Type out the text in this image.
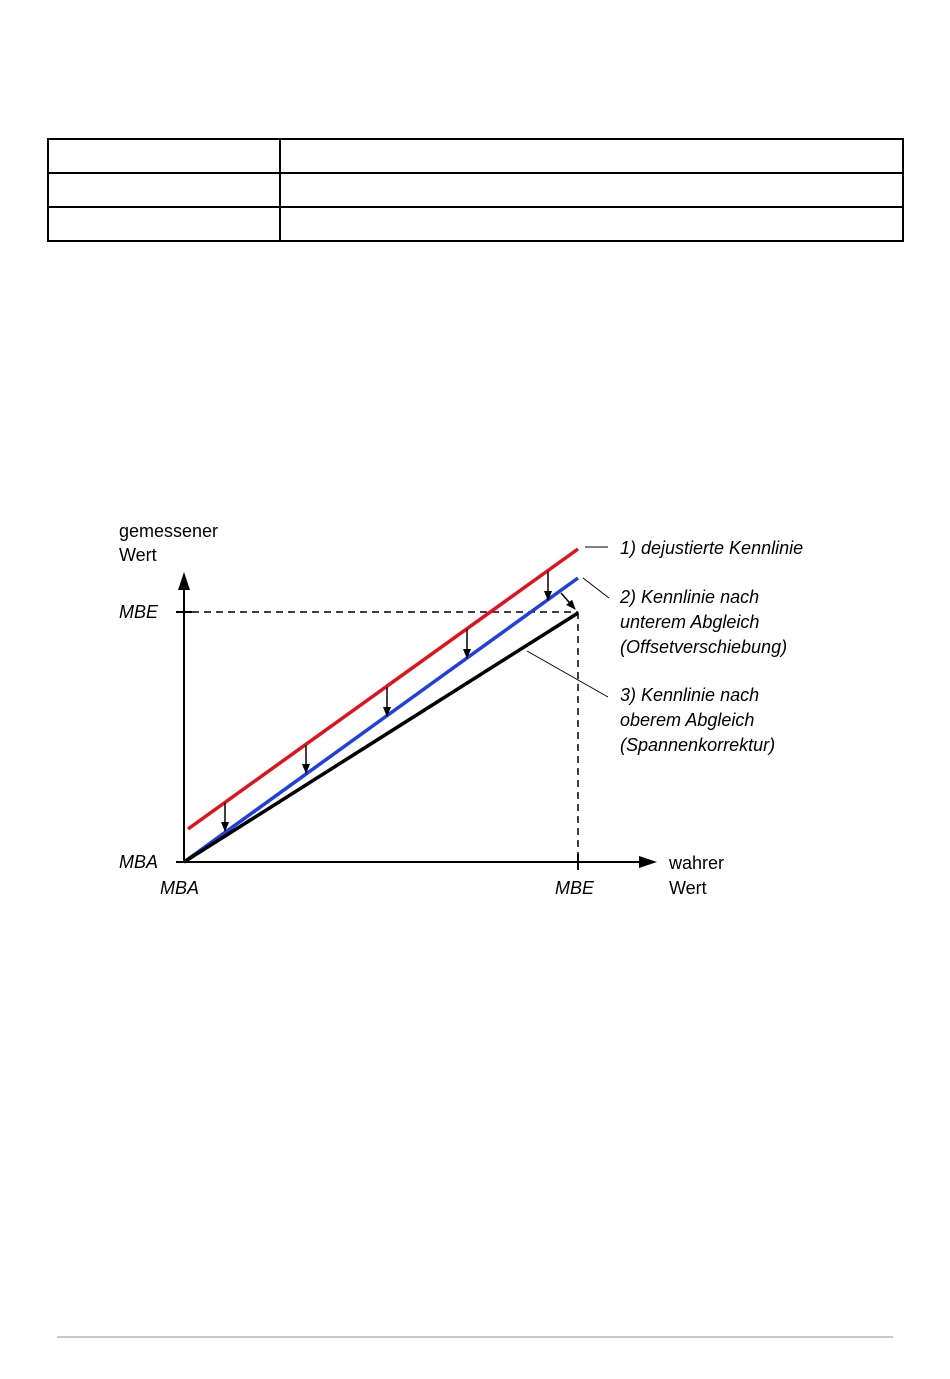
gemessener
Wert
wahrer
Wert
MBE
MBA
MBA	MBE
1) dejustierte Kennlinie
2) Kennlinie nach
unterem Abgleich
(Offsetverschiebung)
3) Kennlinie nach
oberem Abgleich
(Spannenkorrektur)
